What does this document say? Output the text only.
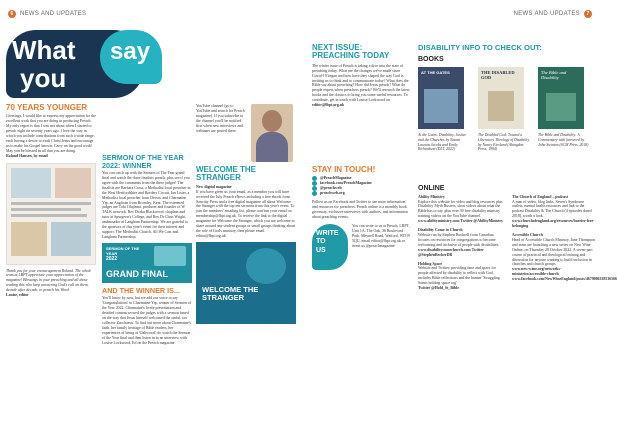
6	NEWS AND UPDATES
What
you
say
70 YEARS YOUNGER
Greetings, I would like to express my appreciation for the excellent work that you are doing in producing Preach. My only regret is that I was not about when I started to preach eight on seventy years ago. I love the way in which you include contributions from such a wide range, each having a desire to exalt Christ Jesus and encourage us to make his Gospel known. Carry on the good work! May you be blessed in all that you are doing.
Roland Hansen, by email
Thank you for your encouragement Roland. The whole team at LBPT appreciate your appreciation of the magazine! Blessings in your preaching and all those reading this who keep answering God's call on them, decade after decade, to preach his Word.
Louise, editor
SERMON OF THE YEAR 2022: WINNER
You can catch up with the Sermon of The Year grand final and watch the three finalists preach, plus see if you agree with the comments from the three judges! The finalists are Barbara Cross, a Methodist local preacher in the West Hertfordshire and Borders Circuit, Ian Lister, a Methodist local preacher from Devon, and Charmaine Yip, an Anglican from Bromley, Kent. The esteemed judges are Tobi Olujinmi, producer and founder of W TALK network, Rev Dorka Blackwood, chaplain and tutor at Spurgeon's College, and Rev Dr Chris Wright, ambassador at Langham Partnership. We are grateful to the sponsors of this year's event for their interest and support: The Methodist Church, All We Can, and Langham Partnership.
SERMON OF THE YEAR
2022
GRAND FINAL
AND THE WINNER IS...
You'll know by now, but we add our voice to say 'Congratulations' to Charmaine Yip, winner of Sermon of the Year 2022. Charmaine's lively presentation and detailed content wowed the judges with a sermon based on the way that Jesus himself welcomed the sinful, tax collector Zacchaeus. To find out more about Charmaine's faith, her family heritage of Bible readers, her experiences of being at 'Oakwood', do watch the Sermon of the Year final and then listen in to an interview with Louise Lockwood, Ed on the Preach magazine
YouTube channel (go to YouTube and search for Preach magazine). If you subscribe to the channel you'll be notified first when new interviews and webinars are posted there.
WELCOME THE STRANGER
New digital magazine
If you have given us your email, as a member you will have received the July Preach eNews including a free ebook from Sanctity Press and a free digital magazine all about Welcome the Stranger with the top ten sermons from this year's event. To join the members' emailing list, please confirm your email on membership@lbpt.org.uk. To receive the link to the digital magazine for Welcome the Stranger, which you are welcome to share around any student groups or small groups thinking about the role of God's ministry, then please email editor@lbpt.org.uk.
WELCOME THE STRANGER
NEWS AND UPDATES	7
NEXT ISSUE: PREACHING TODAY
The winter issue of Preach is taking a dive into the state of preaching today. What are the changes we've made since Covid-19 began and how have they shaped the way God is inviting us to think and to communicate today? What does the Bible say about preaching? How did Jesus preach? What do people expect when preachers preach? We'll research the latest books and the classics to bring you some useful resources. To contribute, get in touch with Louise Lockwood on
editor@lbpt.org.uk
STAY IN TOUCH!
@PreachMagazine
facebook.com/PreachMagazine
@preachweb
preachweb.org
Follow us on Facebook and Twitter to see more information and resources for preachers. Preach online is a monthly book giveaway, exclusive interviews with authors, and information about preaching events.
WRITE
TO
US
You can write to us at Preach, LBPT, Unit 1A, The Oak, 36 Boulevard Park, Meynell Road, Watford, WD19 5QU, email editor@lbpt.org.uk or tweet us @preachmagazine
DISABILITY INFO TO CHECK OUT:
BOOKS
AT THE GATES	THE DISABLED GOD
The Bible and Disability
At the Gates: Disability, Justice and the Churches by Naomi Lawson Jacobs and Emily Richardson (DLT, 2022)
The Disabled God: Toward a Liberatory Theology of Disability by Nancy Eiesland (Abingdon Press, 1994)
The Bible and Disability: A Commentary with foreword by John Swinton (SCM Press, 2018)
ONLINE
Ability Ministry
Explore this website for video and blog resources plus Disability Myth Busters, short videos about what the Bible has to say, plus over 30 free disability ministry training videos on the YouTube channel.
www.abilityministry.com Twitter @AbilityMinistry
Disability Come to Church
Website run by Stephen Buckrell from Canadian focuses on resources for congregations to become welcoming and inclusive of people with disabilities.
www.disabilitycomechurch.com Twitter @StephenBeckerDR
Holding Space
Website and Twitter: providing time and space for people affected by disability to reflect with God, includes Bible reflections and the banner 'Struggling Saints holding space org'
Twitter @Hold_St_Bible
The Church of England – podcast
A man of video, blog links, Seven's Syndrome outlets, mental health resources and link to the podcast Disability & The Church (4 episodes dated 2018), worth a look.
www.churchofengland.org/resources/barrier-free-belonging
Accessible Church
Head of Accessible Church Ministry, Jane Thompson and team are launching a new series on New Wine Online, on Thursday 28 October 2022. A seven-part course of practical and theological training and discussion for anyone wanting to build inclusion in churches and church groups.
www.new-wine.org/networks-ministries/accessible-church www.facebook.com/NewWineEngland/posts/4679006338536566
